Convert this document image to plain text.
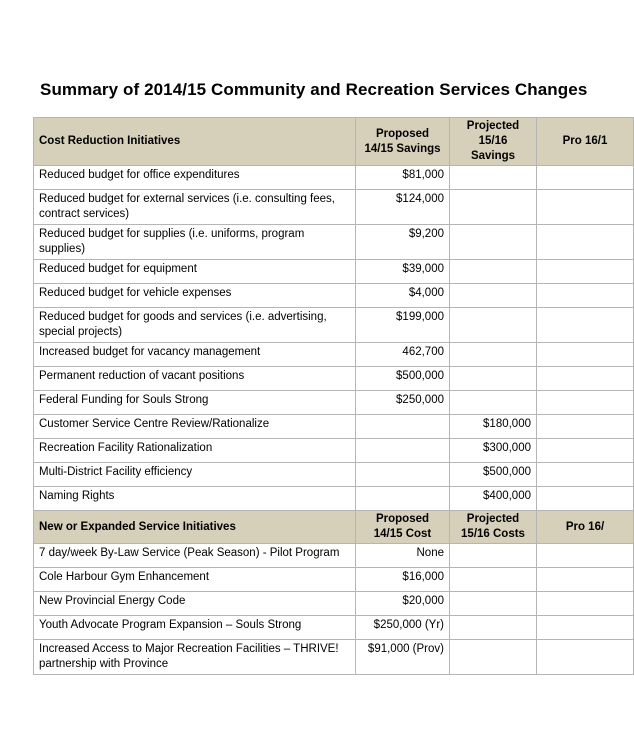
Summary of 2014/15 Community and Recreation Services Changes
Cost Reduction Initiatives	Proposed 14/15 Savings	Projected 15/16 Savings	Pro 16/1
Reduced budget for office expenditures	$81,000		
Reduced budget for external services (i.e. consulting fees, contract services)	$124,000		
Reduced budget for supplies (i.e. uniforms, program supplies)	$9,200		
Reduced budget for equipment	$39,000		
Reduced budget for vehicle expenses	$4,000		
Reduced budget for goods and services (i.e. advertising, special projects)	$199,000		
Increased budget for vacancy management	462,700		
Permanent reduction of vacant positions	$500,000		
Federal Funding for Souls Strong	$250,000		
Customer Service Centre Review/Rationalize		$180,000	
Recreation Facility Rationalization		$300,000	
Multi-District Facility efficiency		$500,000	
Naming Rights		$400,000	
New or Expanded Service Initiatives	Proposed 14/15 Cost	Projected 15/16 Costs	Pro 16/
7 day/week By-Law Service (Peak Season) - Pilot Program	None		
Cole Harbour Gym Enhancement	$16,000		
New Provincial Energy Code	$20,000		
Youth Advocate Program Expansion – Souls Strong	$250,000 (Yr)		
Increased Access to Major Recreation Facilities – THRIVE! partnership with Province	$91,000 (Prov)		
